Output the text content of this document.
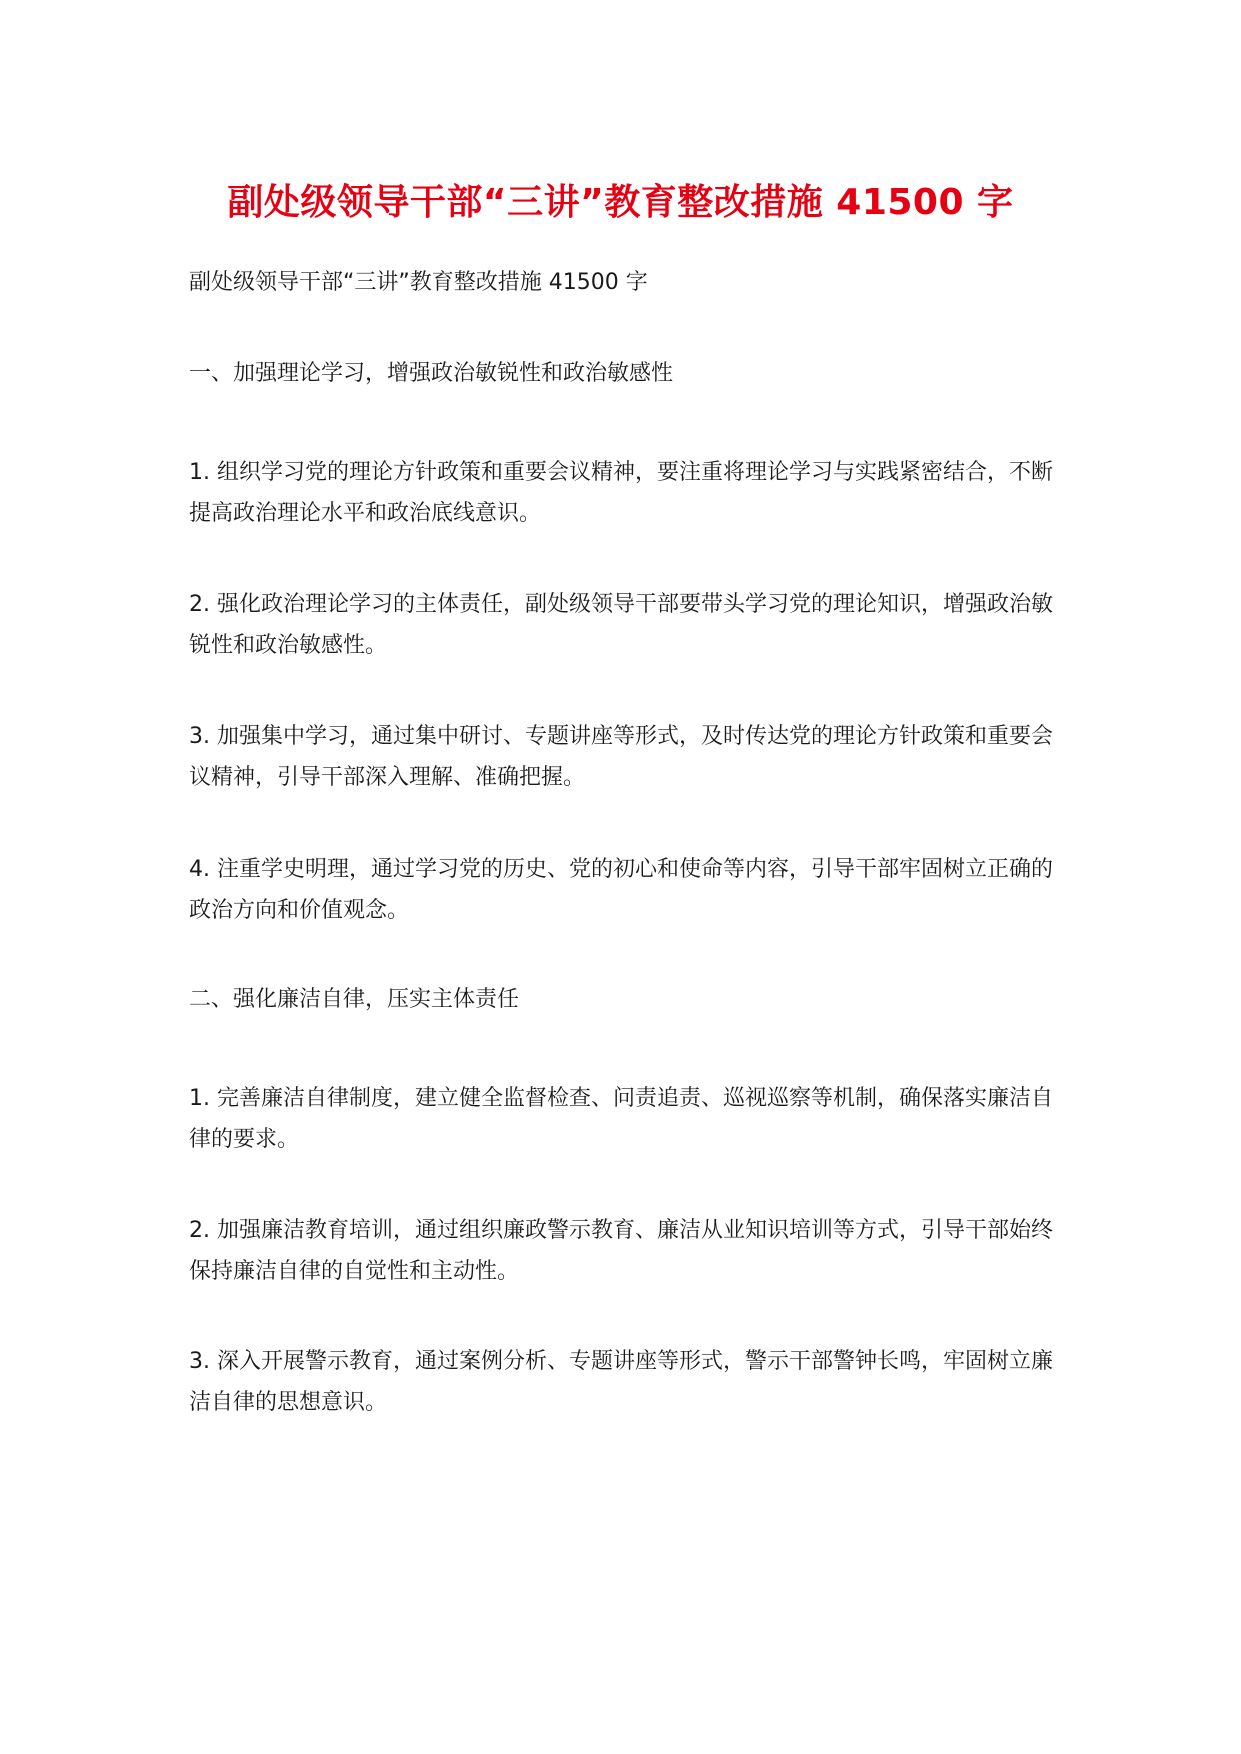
副处级领导干部“三讲”教育整改措施 41500 字

副处级领导干部“三讲”教育整改措施 41500 字

一、加强理论学习，增强政治敏锐性和政治敏感性

1. 组织学习党的理论方针政策和重要会议精神，要注重将理论学习与实践紧密结合，不断提高政治理论水平和政治底线意识。

2. 强化政治理论学习的主体责任，副处级领导干部要带头学习党的理论知识，增强政治敏锐性和政治敏感性。

3. 加强集中学习，通过集中研讨、专题讲座等形式，及时传达党的理论方针政策和重要会议精神，引导干部深入理解、准确把握。

4. 注重学史明理，通过学习党的历史、党的初心和使命等内容，引导干部牢固树立正确的政治方向和价值观念。

二、强化廉洁自律，压实主体责任

1. 完善廉洁自律制度，建立健全监督检查、问责追责、巡视巡察等机制，确保落实廉洁自律的要求。

2. 加强廉洁教育培训，通过组织廉政警示教育、廉洁从业知识培训等方式，引导干部始终保持廉洁自律的自觉性和主动性。

3. 深入开展警示教育，通过案例分析、专题讲座等形式，警示干部警钟长鸣，牢固树立廉洁自律的思想意识。
